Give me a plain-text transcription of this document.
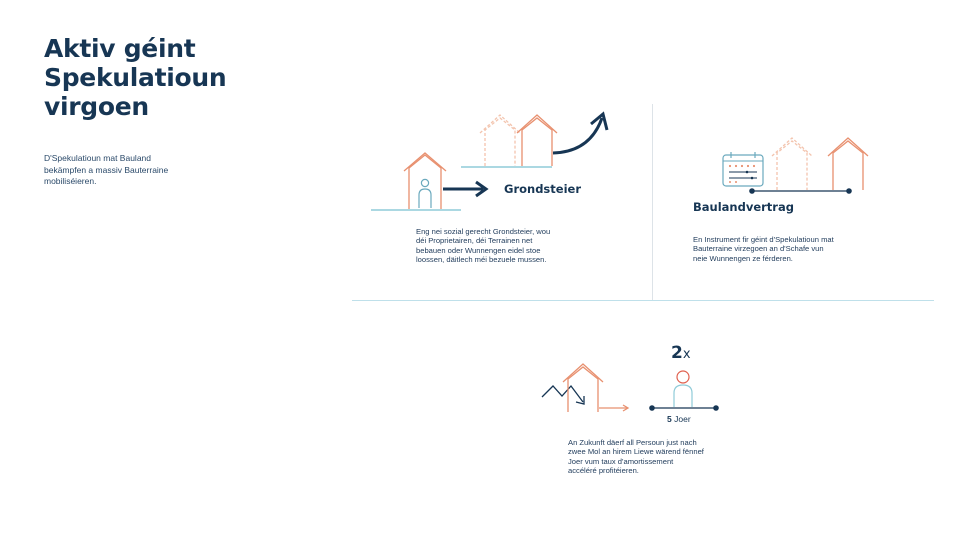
Aktiv géint
Spekulatioun
virgoen
D'Spekulatioun mat Bauland
bekämpfen a massiv Bauterraine
mobiliséieren.
Grondsteier
Eng nei sozial gerecht Grondsteier, wou
déi Proprietairen, déi Terrainen net
bebauen oder Wunnengen eidel stoe
loossen, däitlech méi bezuele mussen.
Baulandvertrag
En Instrument fir géint d'Spekulatioun mat
Bauterraine virzegoen an d'Schafe vun
neie Wunnengen ze férderen.
2x
5 Joer
An Zukunft däerf all Persoun just nach
zwee Mol an hirem Liewe wärend fënnef
Joer vum taux d'amortissement
accéléré profitéieren.
